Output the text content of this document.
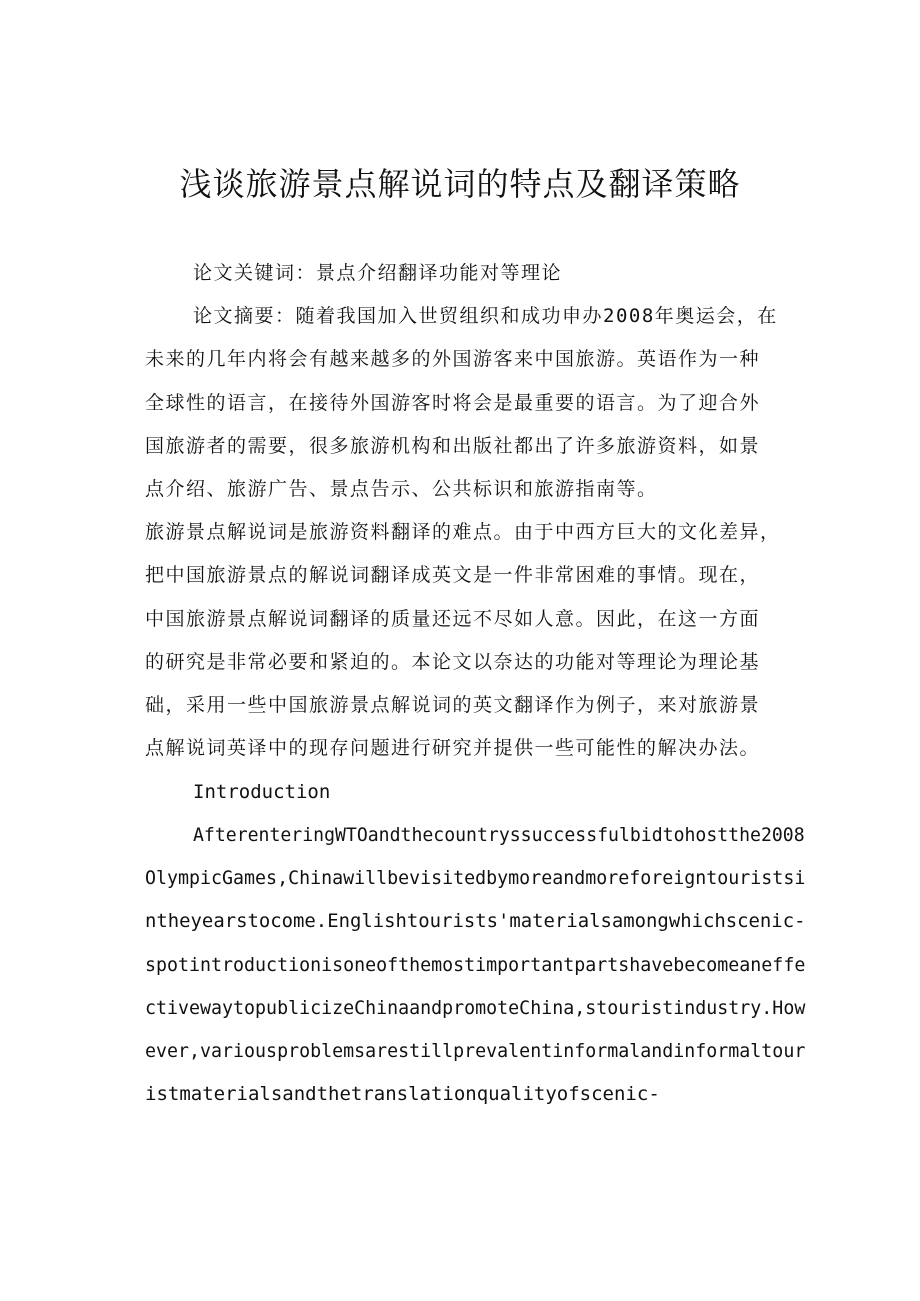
浅谈旅游景点解说词的特点及翻译策略
论文关键词：景点介绍翻译功能对等理论
论文摘要：随着我国加入世贸组织和成功申办2008年奥运会，在
未来的几年内将会有越来越多的外国游客来中国旅游。英语作为一种
全球性的语言，在接待外国游客时将会是最重要的语言。为了迎合外
国旅游者的需要，很多旅游机构和出版社都出了许多旅游资料，如景
点介绍、旅游广告、景点告示、公共标识和旅游指南等。
旅游景点解说词是旅游资料翻译的难点。由于中西方巨大的文化差异，
把中国旅游景点的解说词翻译成英文是一件非常困难的事情。现在，
中国旅游景点解说词翻译的质量还远不尽如人意。因此，在这一方面
的研究是非常必要和紧迫的。本论文以奈达的功能对等理论为理论基
础，采用一些中国旅游景点解说词的英文翻译作为例子，来对旅游景
点解说词英译中的现存问题进行研究并提供一些可能性的解决办法。
Introduction
AfterenteringWTOandthecountryssuccessfulbidtohostthe2008
OlympicGames,Chinawillbevisitedbymoreandmoreforeigntouristsi
ntheyearstocome.Englishtourists'materialsamongwhichscenic-
spotintroductionisoneofthemostimportantpartshavebecomeaneffe
ctivewaytopublicizeChinaandpromoteChina,stouristindustry.How
ever,variousproblemsarestillprevalentinformalandinformaltour
istmaterialsandthetranslationqualityofscenic-
